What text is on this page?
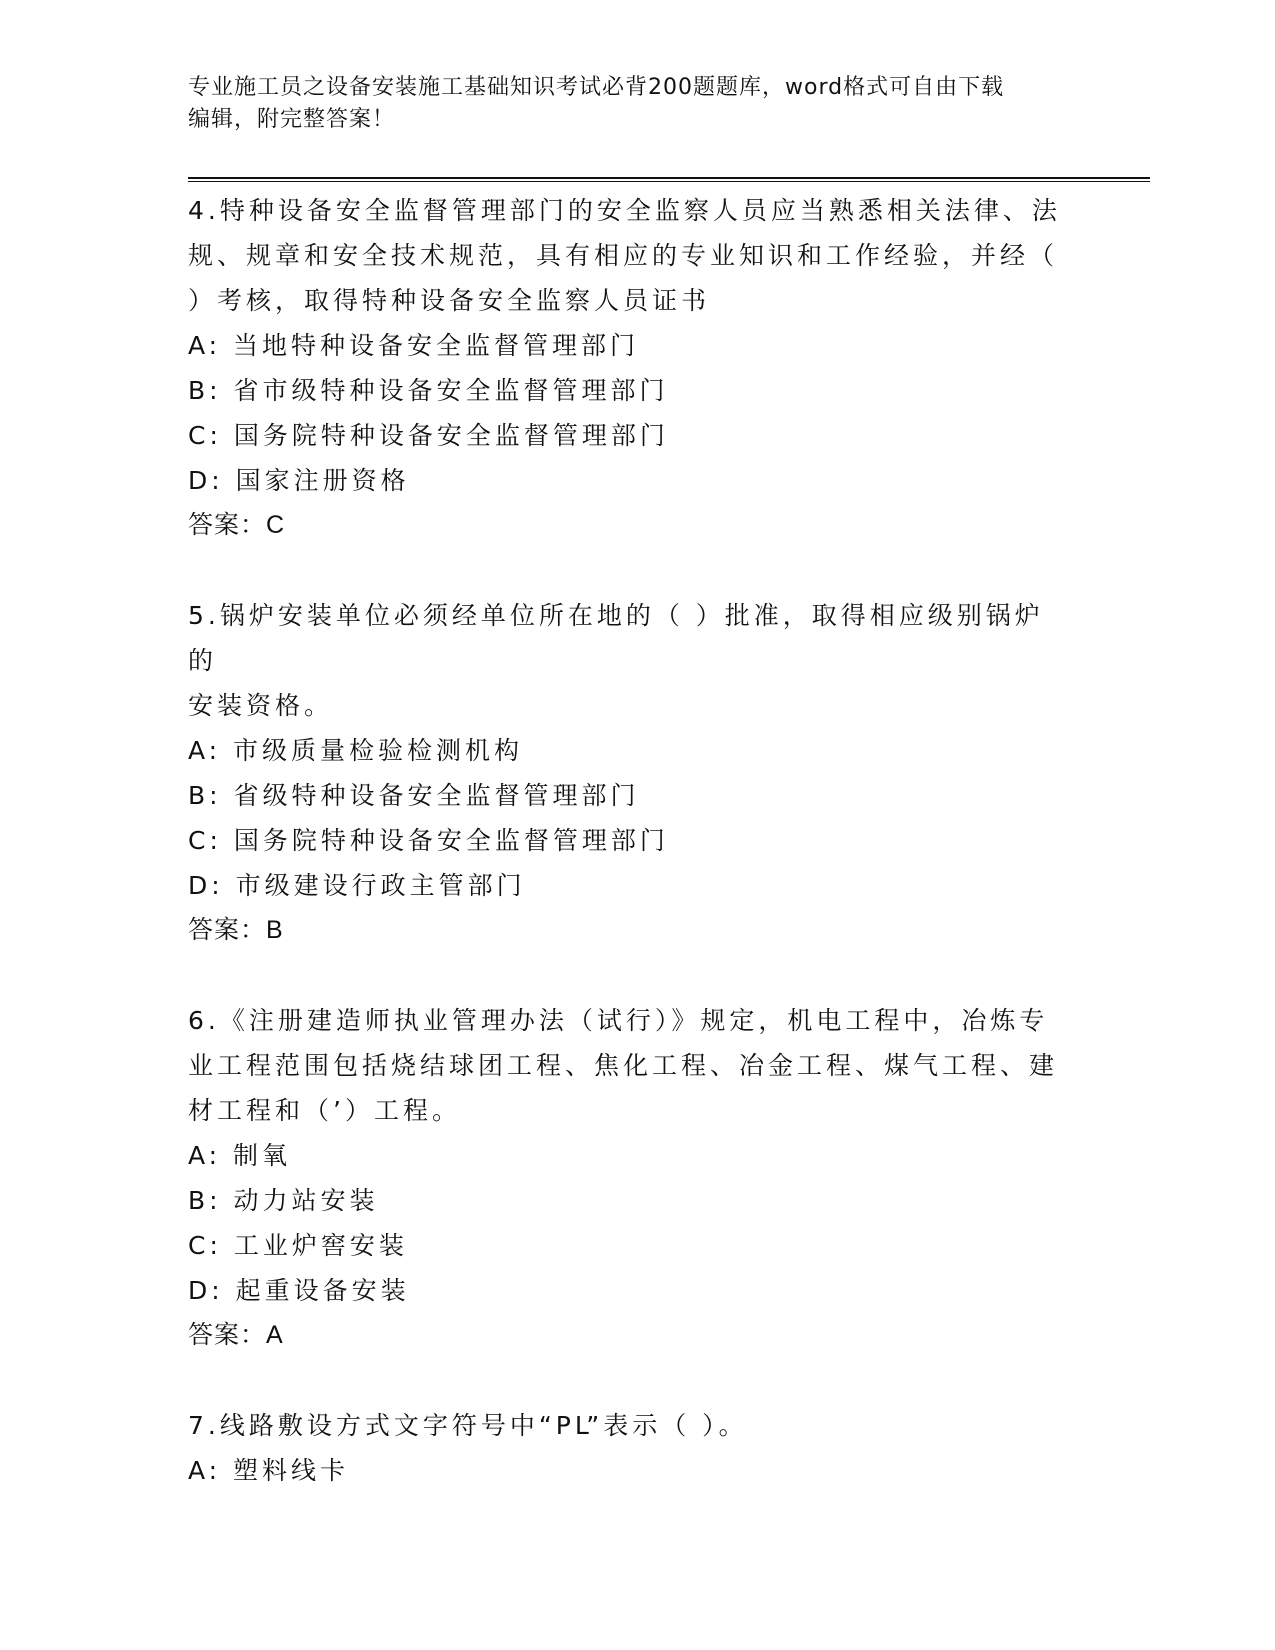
专业施工员之设备安装施工基础知识考试必背200题题库，word格式可自由下载
编辑，附完整答案！
4.特种设备安全监督管理部门的安全监察人员应当熟悉相关法律、法
规、规章和安全技术规范，具有相应的专业知识和工作经验，并经（
）考核，取得特种设备安全监察人员证书
A: 当地特种设备安全监督管理部门
B: 省市级特种设备安全监督管理部门
C: 国务院特种设备安全监督管理部门
D: 国家注册资格
答案：C
5.锅炉安装单位必须经单位所在地的（ ）批准，取得相应级别锅炉的
安装资格。
A: 市级质量检验检测机构
B: 省级特种设备安全监督管理部门
C: 国务院特种设备安全监督管理部门
D: 市级建设行政主管部门
答案：B
6.《注册建造师执业管理办法（试行）》规定，机电工程中，冶炼专
业工程范围包括烧结球团工程、焦化工程、冶金工程、煤气工程、建
材工程和（’）工程。
A: 制氧
B: 动力站安装
C: 工业炉窖安装
D: 起重设备安装
答案：A
7.线路敷设方式文字符号中“PL”表示（ ）。
A: 塑料线卡
